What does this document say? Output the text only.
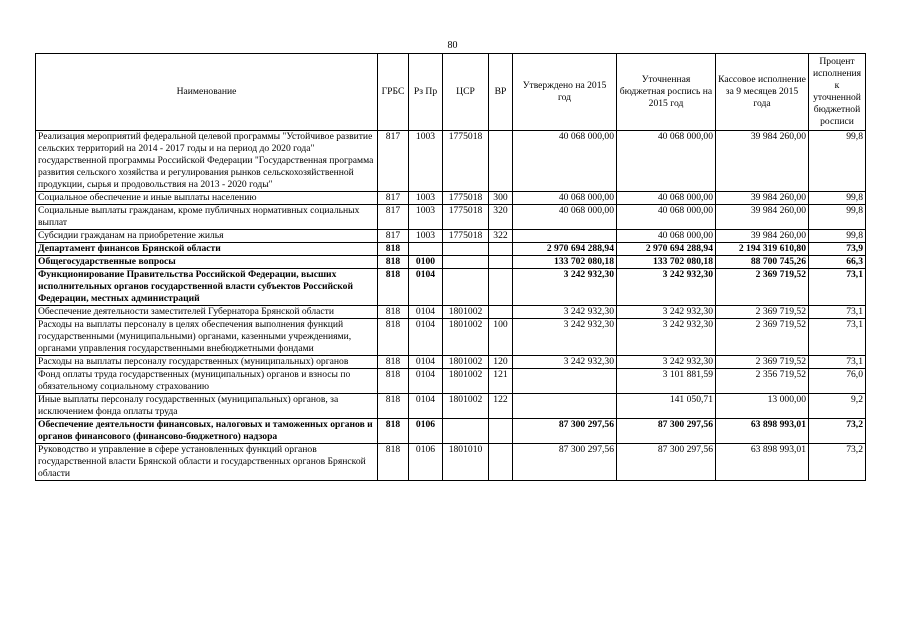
80
Наименование	ГРБС	Рз Пр	ЦСР	ВР	Утверждено на 2015 год	Уточненная бюджетная роспись на 2015 год	Кассовое исполнение за 9 месяцев 2015 года	Процент исполнения к уточненной бюджетной росписи
Реализация мероприятий федеральной целевой программы "Устойчивое развитие сельских территорий на 2014 - 2017 годы и на период до 2020 года" государственной программы Российской Федерации "Государственная программа развития сельского хозяйства и регулирования рынков сельскохозяйственной продукции, сырья и продовольствия на 2013 - 2020 годы"	817	1003	1775018		40 068 000,00	40 068 000,00	39 984 260,00	99,8
Социальное обеспечение и иные выплаты населению	817	1003	1775018	300	40 068 000,00	40 068 000,00	39 984 260,00	99,8
Социальные выплаты гражданам, кроме публичных нормативных социальных выплат	817	1003	1775018	320	40 068 000,00	40 068 000,00	39 984 260,00	99,8
Субсидии гражданам на приобретение жилья	817	1003	1775018	322		40 068 000,00	39 984 260,00	99,8
Департамент финансов Брянской области	818				2 970 694 288,94	2 970 694 288,94	2 194 319 610,80	73,9
Общегосударственные вопросы	818	0100			133 702 080,18	133 702 080,18	88 700 745,26	66,3
Функционирование Правительства Российской Федерации, высших исполнительных органов государственной власти субъектов Российской Федерации, местных администраций	818	0104			3 242 932,30	3 242 932,30	2 369 719,52	73,1
Обеспечение деятельности заместителей Губернатора Брянской области	818	0104	1801002		3 242 932,30	3 242 932,30	2 369 719,52	73,1
Расходы на выплаты персоналу в целях обеспечения выполнения функций государственными (муниципальными) органами, казенными учреждениями, органами управления государственными внебюджетными фондами	818	0104	1801002	100	3 242 932,30	3 242 932,30	2 369 719,52	73,1
Расходы на выплаты персоналу государственных (муниципальных) органов	818	0104	1801002	120	3 242 932,30	3 242 932,30	2 369 719,52	73,1
Фонд оплаты труда государственных (муниципальных) органов и взносы по обязательному социальному страхованию	818	0104	1801002	121		3 101 881,59	2 356 719,52	76,0
Иные выплаты персоналу государственных (муниципальных) органов, за исключением фонда оплаты труда	818	0104	1801002	122		141 050,71	13 000,00	9,2
Обеспечение деятельности финансовых, налоговых и таможенных органов и органов финансового (финансово-бюджетного) надзора	818	0106			87 300 297,56	87 300 297,56	63 898 993,01	73,2
Руководство и управление в сфере установленных функций органов государственной власти Брянской области и государственных органов Брянской области	818	0106	1801010		87 300 297,56	87 300 297,56	63 898 993,01	73,2
